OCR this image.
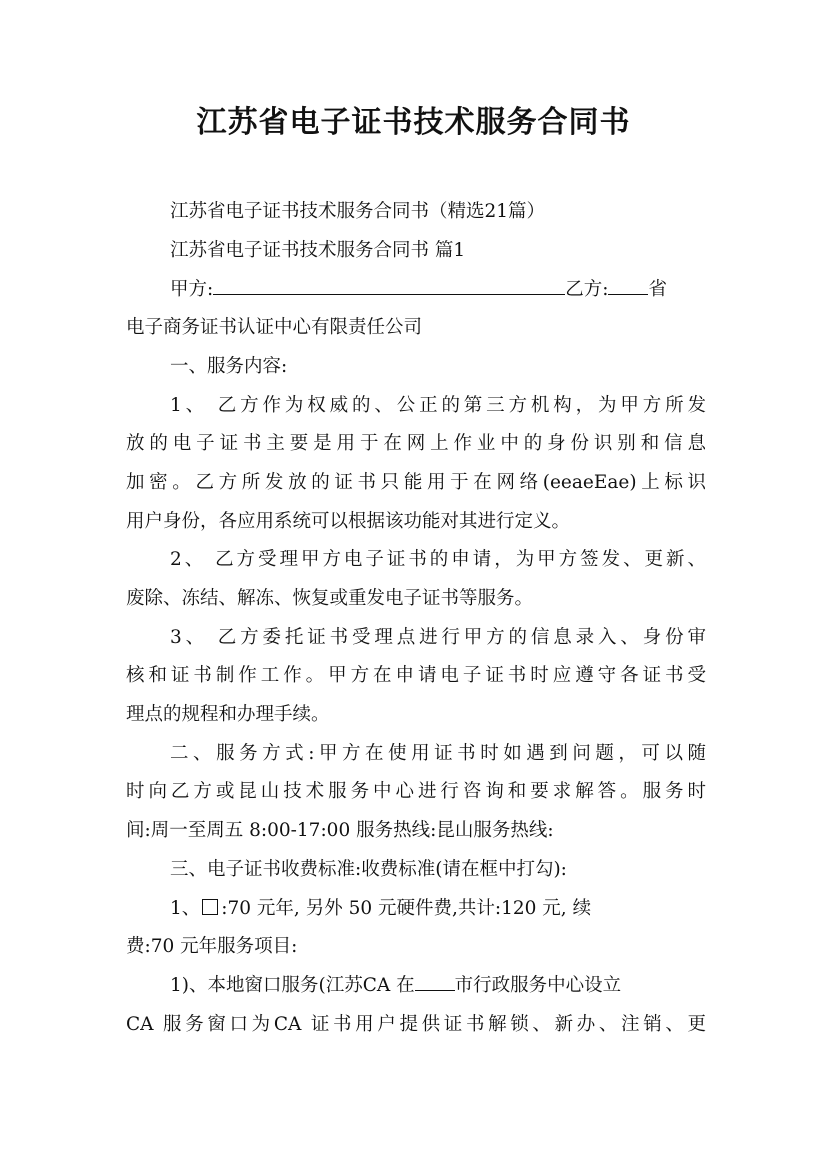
江苏省电子证书技术服务合同书

江苏省电子证书技术服务合同书（精选21篇）

江苏省电子证书技术服务合同书 篇1

甲方:	乙方: 省

电子商务证书认证中心有限责任公司

一、服务内容:

1、 乙方作为权威的、公正的第三方机构，为甲方所发

放的电子证书主要是用于在网上作业中的身份识别和信息

加密。乙方所发放的证书只能用于在网络(eeaeEae)上标识

用户身份，各应用系统可以根据该功能对其进行定义。

2、 乙方受理甲方电子证书的申请，为甲方签发、更新、

废除、冻结、解冻、恢复或重发电子证书等服务。

3、 乙方委托证书受理点进行甲方的信息录入、身份审

核和证书制作工作。甲方在申请电子证书时应遵守各证书受

理点的规程和办理手续。

二、服务方式:甲方在使用证书时如遇到问题，可以随

时向乙方或昆山技术服务中心进行咨询和要求解答。服务时

间:周一至周五 8:00-17:00 服务热线:昆山服务热线:

三、电子证书收费标准:收费标准(请在框中打勾):

1、 :70 元年, 另外 50 元硬件费,共计:120 元, 续

费:70 元年服务项目:

1)、本地窗口服务(江苏CA 在 市行政服务中心设立

CA 服务窗口为CA 证书用户提供证书解锁、新办、注销、更
